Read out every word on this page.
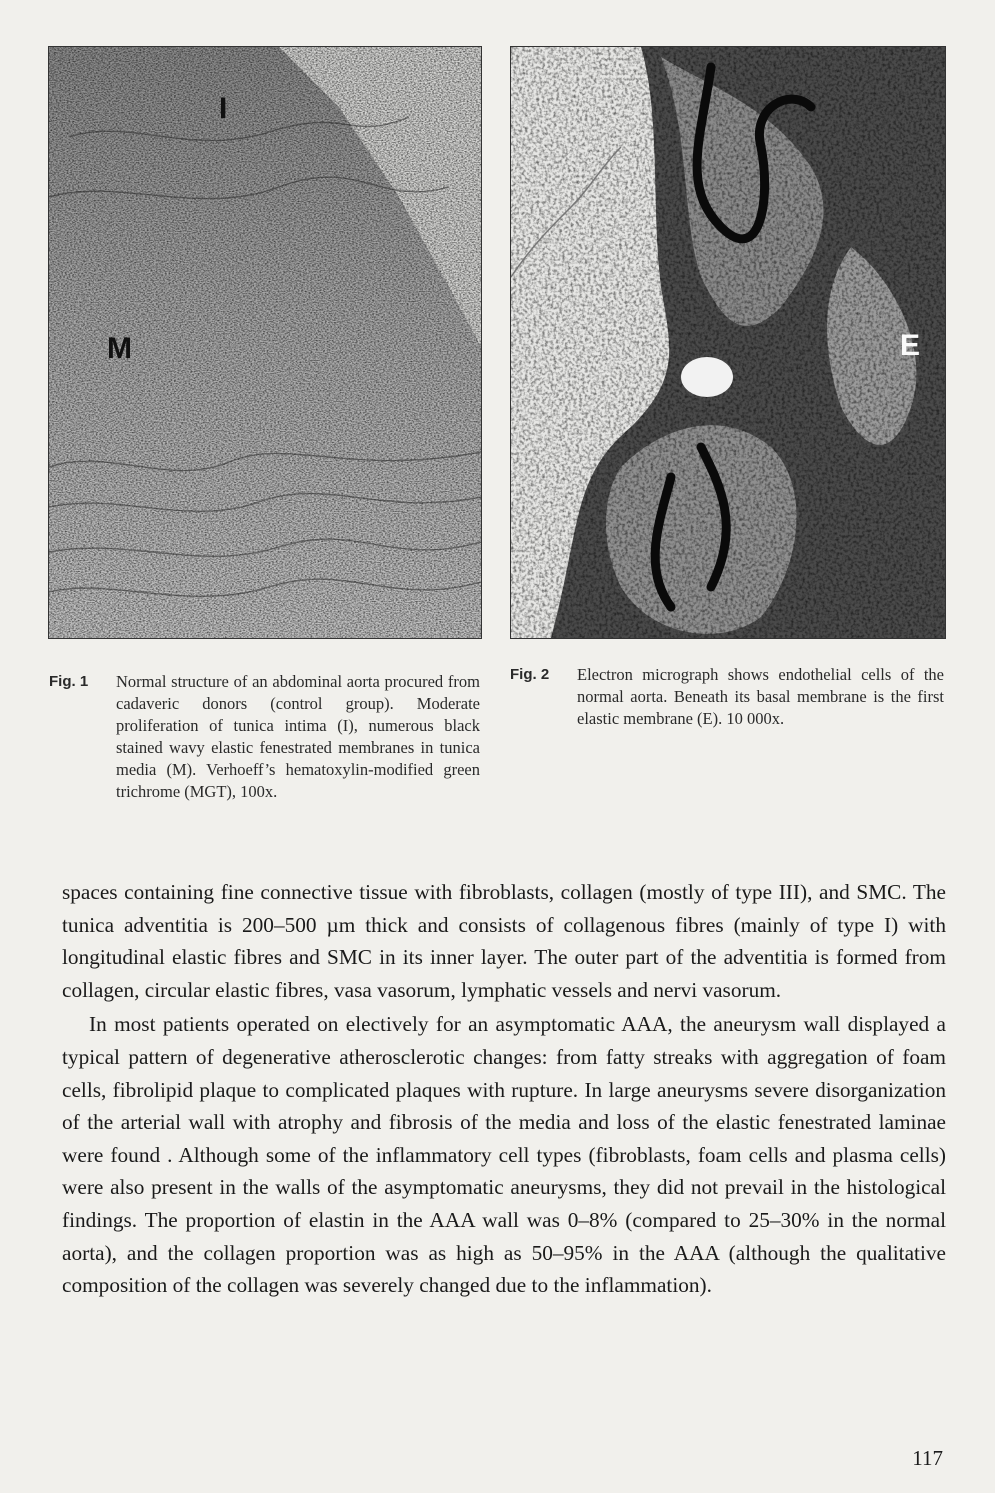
I
M	E
Fig. 1 Normal structure of an abdominal aorta procured from cadaveric donors (control group). Moderate proliferation of tunica intima (I), numerous black stained wavy elastic fenestrated membranes in tunica media (M). Verhoeff’s hematoxylin-modified green trichrome (MGT), 100x.
Fig. 2 Electron micrograph shows endothelial cells of the normal aorta. Beneath its basal membrane is the first elastic membrane (E). 10 000x.

spaces containing fine connective tissue with fibroblasts, collagen (mostly of type III), and SMC. The tunica adventitia is 200–500 µm thick and consists of collagenous fibres (mainly of type I) with longitudinal elastic fibres and SMC in its inner layer. The outer part of the adventitia is formed from collagen, circular elastic fibres, vasa vasorum, lymphatic vessels and nervi vasorum.

In most patients operated on electively for an asymptomatic AAA, the aneurysm wall displayed a typical pattern of degenerative atherosclerotic changes: from fatty streaks with aggregation of foam cells, fibrolipid plaque to complicated plaques with rupture. In large aneurysms severe disorganization of the arterial wall with atrophy and fibrosis of the media and loss of the elastic fenestrated laminae were found . Although some of the inflammatory cell types (fibroblasts, foam cells and plasma cells) were also present in the walls of the asymptomatic aneurysms, they did not prevail in the histological findings. The proportion of elastin in the AAA wall was 0–8% (compared to 25–30% in the normal aorta), and the collagen proportion was as high as 50–95% in the AAA (although the qualitative composition of the collagen was severely changed due to the inflammation).

117
